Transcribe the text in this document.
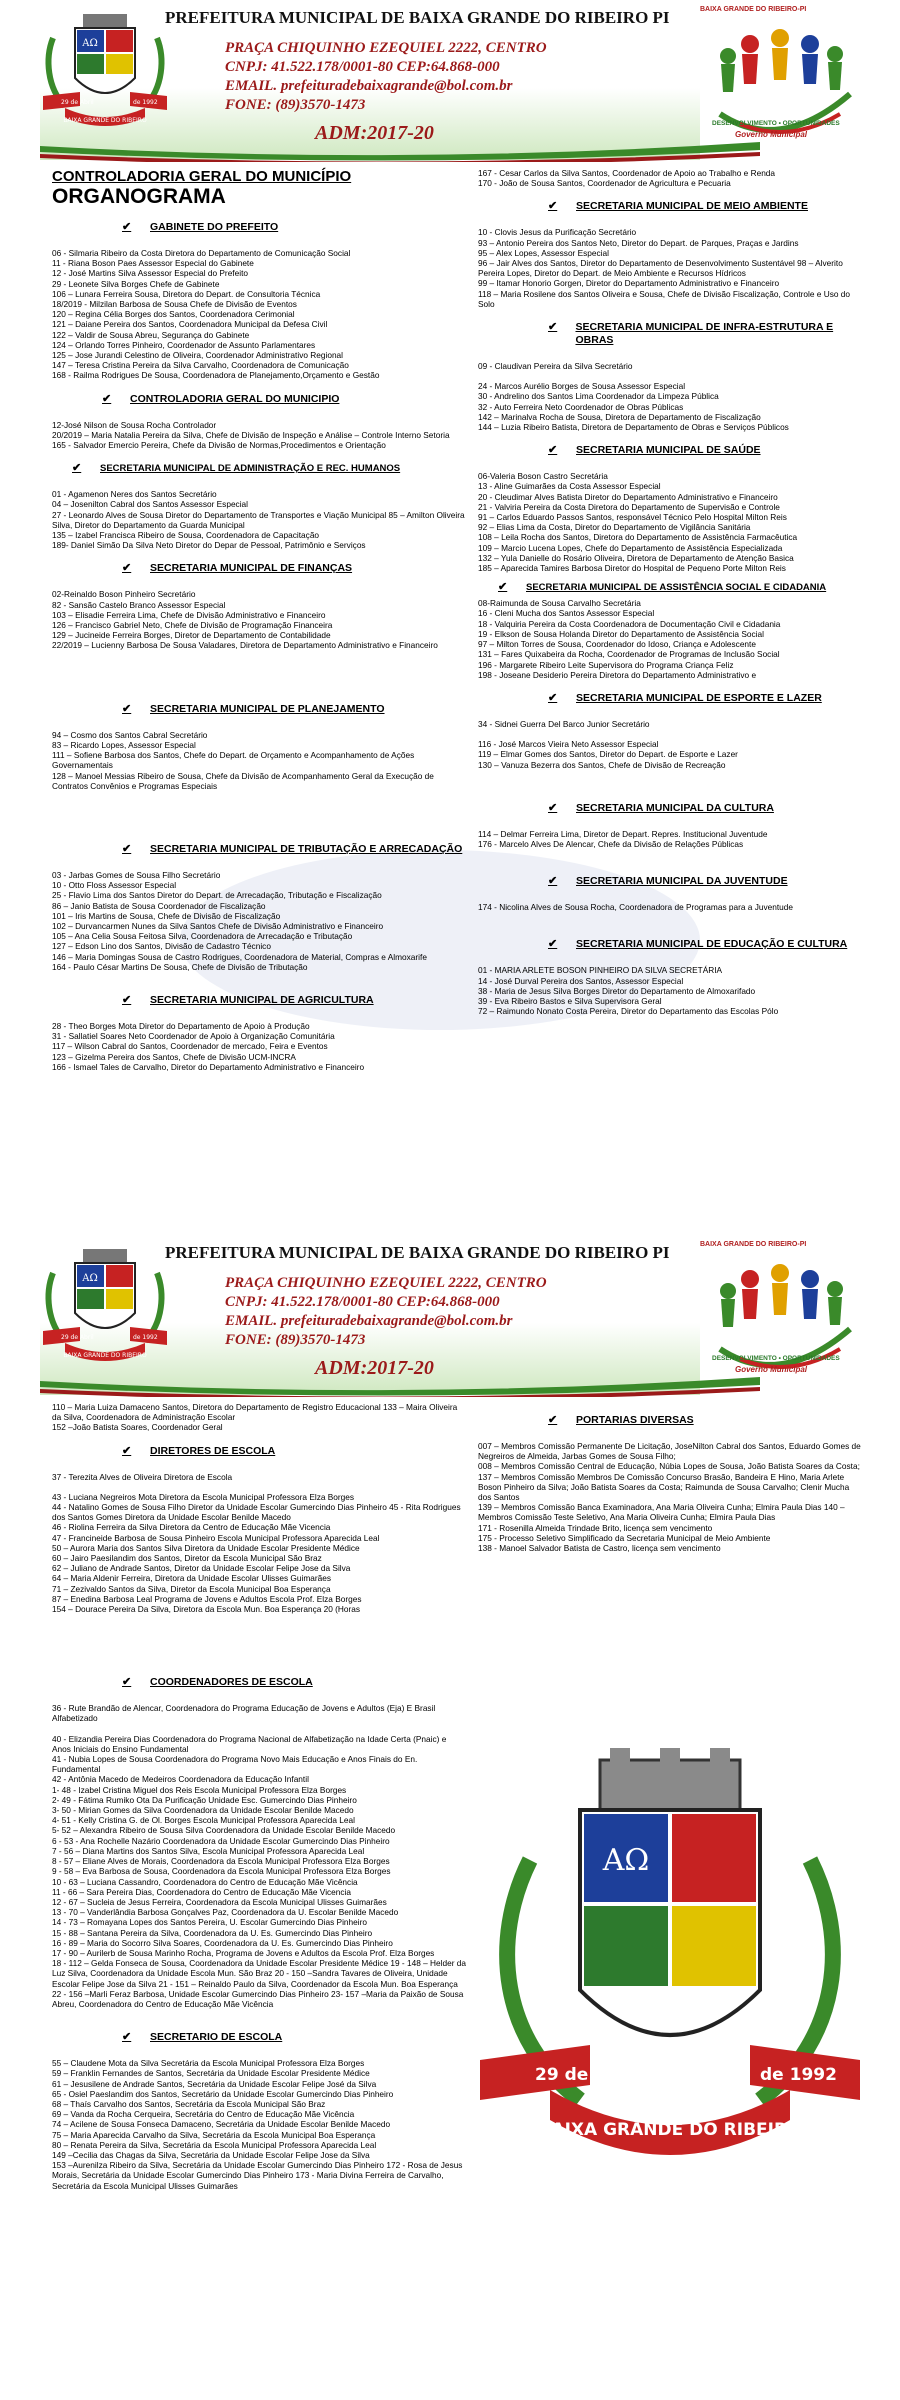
AΩ
29 de Abril	de 1992
BAIXA GRANDE DO RIBEIRO
PREFEITURA MUNICIPAL DE BAIXA GRANDE DO RIBEIRO PI
PRAÇA CHIQUINHO EZEQUIEL 2222, CENTRO
CNPJ: 41.522.178/0001-80 CEP:64.868-000
EMAIL. prefeituradebaixagrande@bol.com.br
FONE: (89)3570-1473
ADM:2017-20
BAIXA GRANDE DO RIBEIRO-PI
DESENVOLVIMENTO • OPORTUNIDADES
Governo Municipal
CONTROLADORIA GERAL DO MUNICÍPIO
ORGANOGRAMA
✔	GABINETE DO PREFEITO

06 - Silmaria Ribeiro da Costa Diretora do Departamento de Comunicação Social

11 - Riana Boson Paes Assessor Especial do Gabinete

12 - José Martins Silva Assessor Especial do Prefeito

29 - Leonete Silva Borges Chefe de Gabinete

106 – Lunara Ferreira Sousa, Diretora do Depart. de Consultoria Técnica

18/2019 - Milzilan Barbosa de Sousa Chefe de Divisão de Eventos

120 – Regina Célia Borges dos Santos, Coordenadora Cerimonial

121 – Daiane Pereira dos Santos, Coordenadora Municipal da Defesa Civil

122 – Valdir de Sousa Abreu, Segurança do Gabinete

124 – Orlando Torres Pinheiro, Coordenador de Assunto Parlamentares

125 – Jose Jurandi Celestino de Oliveira, Coordenador Administrativo Regional

147 – Teresa Cristina Pereira da Silva Carvalho, Coordenadora de Comunicação

168 - Railma Rodrigues De Sousa, Coordenadora de Planejamento,Orçamento e Gestão

✔	CONTROLADORIA GERAL DO MUNICIPIO

12-José Nilson de Sousa Rocha Controlador

20/2019 – Maria Natalia Pereira da Silva, Chefe de Divisão de Inspeção e Análise – Controle Interno Setoria

165 - Salvador Emercio Pereira, Chefe da Divisão de Normas,Procedimentos e Orientação

✔	SECRETARIA MUNICIPAL DE ADMINISTRAÇÃO E REC. HUMANOS

01 - Agamenon Neres dos Santos Secretário

04 – Josenilton Cabral dos Santos Assessor Especial

27 - Leonardo Alves de Sousa Diretor do Departamento de Transportes e Viação Municipal 85 – Amilton Oliveira Silva, Diretor do Departamento da Guarda Municipal

135 – Izabel Francisca Ribeiro de Sousa, Coordenadora de Capacitação

189- Daniel Simão Da Silva Neto Diretor do Depar de Pessoal, Patrimônio e Serviços

✔	SECRETARIA MUNICIPAL DE FINANÇAS

02-Reinaldo Boson Pinheiro Secretário

82 - Sansão Castelo Branco Assessor Especial

103 – Elisadie Ferreira Lima, Chefe de Divisão Administrativo e Financeiro

126 – Francisco Gabriel Neto, Chefe de Divisão de Programação Financeira

129 – Jucineide Ferreira Borges, Diretor de Departamento de Contabilidade

22/2019 – Lucienny Barbosa De Sousa Valadares, Diretora de Departamento Administrativo e Financeiro

✔	SECRETARIA MUNICIPAL DE PLANEJAMENTO

94 – Cosmo dos Santos Cabral Secretário

83 – Ricardo Lopes, Assessor Especial

111 – Sofiene Barbosa dos Santos, Chefe do Depart. de Orçamento e Acompanhamento de Ações Governamentais

128 – Manoel Messias Ribeiro de Sousa, Chefe da Divisão de Acompanhamento Geral da Execução de Contratos Convênios e Programas Especiais

✔	SECRETARIA MUNICIPAL DE TRIBUTAÇÃO E ARRECADAÇÃO

03 - Jarbas Gomes de Sousa Filho Secretário

10 - Otto Floss Assessor Especial

25 - Flavio Lima dos Santos Diretor do Depart. de Arrecadação, Tributação e Fiscalização

86 – Janio Batista de Sousa Coordenador de Fiscalização

101 – Iris Martins de Sousa, Chefe de Divisão de Fiscalização

102 – Durvancarmen Nunes da Silva Santos Chefe de Divisão Administrativo e Financeiro

105 – Ana Celia Sousa Feitosa Silva, Coordenadora de Arrecadação e Tributação

127 – Edson Lino dos Santos, Divisão de Cadastro Técnico

146 – Maria Domingas Sousa de Castro Rodrigues, Coordenadora de Material, Compras e Almoxarife

164 - Paulo César Martins De Sousa, Chefe de Divisão de Tributação

✔	SECRETARIA MUNICIPAL DE AGRICULTURA

28 - Theo Borges Mota Diretor do Departamento de Apoio à Produção

31 - Sallatiel Soares Neto Coordenador de Apoio à Organização Comunitária

117 – Wilson Cabral do Santos, Coordenador de mercado, Feira e Eventos

123 – Gizelma Pereira dos Santos, Chefe de Divisão UCM-INCRA

166 - Ismael Tales de Carvalho, Diretor do Departamento Administrativo e Financeiro

167 - Cesar Carlos da Silva Santos, Coordenador de Apoio ao Trabalho e Renda

170 - João de Sousa Santos, Coordenador de Agricultura e Pecuaria

✔	SECRETARIA MUNICIPAL DE MEIO AMBIENTE

10 - Clovis Jesus da Purificação Secretário

93 – Antonio Pereira dos Santos Neto, Diretor do Depart. de Parques, Praças e Jardins

95 – Alex Lopes, Assessor Especial

96 – Jair Alves dos Santos, Diretor do Departamento de Desenvolvimento Sustentável 98 – Alverito Pereira Lopes, Diretor do Depart. de Meio Ambiente e Recursos Hídricos

99 – Itamar Honorio Gorgen, Diretor do Departamento Administrativo e Financeiro

118 – Maria Rosilene dos Santos Oliveira e Sousa, Chefe de Divisão Fiscalização, Controle e Uso do Solo

✔	SECRETARIA MUNICIPAL DE INFRA-ESTRUTURA E OBRAS

09 - Claudivan Pereira da Silva Secretário

24 - Marcos Aurélio Borges de Sousa Assessor Especial

30 - Andrelino dos Santos Lima Coordenador da Limpeza Pública

32 - Auto Ferreira Neto Coordenador de Obras Públicas

142 – Marinalva Rocha de Sousa, Diretora de Departamento de Fiscalização

144 – Luzia Ribeiro Batista, Diretora de Departamento de Obras e Serviços Públicos

✔	SECRETARIA MUNICIPAL DE SAÚDE

06-Valeria Boson Castro Secretária

13 - Aline Guimarães da Costa Assessor Especial

20 - Cleudimar Alves Batista Diretor do Departamento Administrativo e Financeiro

21 - Valviria Pereira da Costa Diretora do Departamento de Supervisão e Controle

91 – Carlos Eduardo Passos Santos, responsável Técnico Pelo Hospital Milton Reis

92 – Elias Lima da Costa, Diretor do Departamento de Vigilância Sanitária

108 – Leila Rocha dos Santos, Diretora do Departamento de Assistência Farmacêutica

109 – Marcio Lucena Lopes, Chefe do Departamento de Assistência Especializada

132 – Yula Danielle do Rosário Oliveira, Diretora de Departamento de Atenção Basica

185 – Aparecida Tamires Barbosa Diretor do Hospital de Pequeno Porte Milton Reis

✔	SECRETARIA MUNICIPAL DE ASSISTÊNCIA SOCIAL E CIDADANIA

08-Raimunda de Sousa Carvalho Secretária

16 - Cleni Mucha dos Santos Assessor Especial

18 - Valquiria Pereira da Costa Coordenadora de Documentação Civil e Cidadania

19 - Elkson de Sousa Holanda Diretor do Departamento de Assistência Social

97 – Milton Torres de Sousa, Coordenador do Idoso, Criança e Adolescente

131 – Fares Quixabeira da Rocha, Coordenador de Programas de Inclusão Social

196 - Margarete Ribeiro Leite Supervisora do Programa Criança Feliz

198 - Joseane Desiderio Pereira Diretora do Departamento Administrativo e

✔	SECRETARIA MUNICIPAL DE ESPORTE E LAZER

34 - Sidnei Guerra Del Barco Junior Secretário

116 - José Marcos Vieira Neto Assessor Especial

119 – Elmar Gomes dos Santos, Diretor do Depart. de Esporte e Lazer

130 – Vanuza Bezerra dos Santos, Chefe de Divisão de Recreação

✔	SECRETARIA MUNICIPAL DA CULTURA

114 – Delmar Ferreira Lima, Diretor de Depart. Repres. Institucional Juventude

176 - Marcelo Alves De Alencar, Chefe da Divisão de Relações Públicas

✔	SECRETARIA MUNICIPAL DA JUVENTUDE

174 - Nicolina Alves de Sousa Rocha, Coordenadora de Programas para a Juventude

✔	SECRETARIA MUNICIPAL DE EDUCAÇÃO E CULTURA

01 - MARIA ARLETE BOSON PINHEIRO DA SILVA SECRETÁRIA

14 - José Durval Pereira dos Santos, Assessor Especial

38 - Maria de Jesus Silva Borges Diretor do Departamento de Almoxarifado

39 - Eva Ribeiro Bastos e Silva Supervisora Geral

72 – Raimundo Nonato Costa Pereira, Diretor do Departamento das Escolas Pólo

AΩ
29 de Abril	de 1992
BAIXA GRANDE DO RIBEIRO
PREFEITURA MUNICIPAL DE BAIXA GRANDE DO RIBEIRO PI
PRAÇA CHIQUINHO EZEQUIEL 2222, CENTRO
CNPJ: 41.522.178/0001-80 CEP:64.868-000
EMAIL. prefeituradebaixagrande@bol.com.br
FONE: (89)3570-1473
ADM:2017-20
BAIXA GRANDE DO RIBEIRO-PI
DESENVOLVIMENTO • OPORTUNIDADES
Governo Municipal

110 – Maria Luiza Damaceno Santos, Diretora do Departamento de Registro Educacional 133 – Maira Oliveira da Silva, Coordenadora de Administração Escolar

152 –João Batista Soares, Coordenador Geral

✔	DIRETORES DE ESCOLA

37 - Terezita Alves de Oliveira Diretora de Escola

43 - Luciana Negreiros Mota Diretora da Escola Municipal Professora Elza Borges

44 - Natalino Gomes de Sousa Filho Diretor da Unidade Escolar Gumercindo Dias Pinheiro 45 - Rita Rodrigues dos Santos Gomes Diretora da Unidade Escolar Benilde Macedo

46 - Riolina Ferreira da Silva Diretora da Centro de Educação Mãe Vicencia

47 - Francineide Barbosa de Sousa Pinheiro Escola Municipal Professora Aparecida Leal

50 – Aurora Maria dos Santos Silva Diretora da Unidade Escolar Presidente Médice

60 – Jairo Paesilandim dos Santos, Diretor da Escola Municipal São Braz

62 – Juliano de Andrade Santos, Diretor da Unidade Escolar Felipe Jose da Silva

64 – Maria Aldenir Ferreira, Diretora da Unidade Escolar Ulisses Guimarães

71 – Zezivaldo Santos da Silva, Diretor da Escola Municipal Boa Esperança

87 – Enedina Barbosa Leal Programa de Jovens e Adultos Escola Prof. Elza Borges

154 – Dourace Pereira Da Silva, Diretora da Escola Mun. Boa Esperança 20 (Horas

✔	COORDENADORES DE ESCOLA

36 - Rute Brandão de Alencar, Coordenadora do Programa Educação de Jovens e Adultos (Eja) E Brasil Alfabetizado

40 - Elizandia Pereira Dias Coordenadora do Programa Nacional de Alfabetização na Idade Certa (Pnaic) e Anos Iniciais do Ensino Fundamental

41 - Nubia Lopes de Sousa Coordenadora do Programa Novo Mais Educação e Anos Finais do En. Fundamental

42 - Antônia Macedo de Medeiros Coordenadora da Educação Infantil

1- 48 - Izabel Cristina Miguel dos Reis Escola Municipal Professora Elza Borges

2- 49 - Fátima Rumiko Ota Da Purificação Unidade Esc. Gumercindo Dias Pinheiro

3- 50 - Mirian Gomes da Silva Coordenadora da Unidade Escolar Benilde Macedo

4- 51 - Kelly Cristina G. de Ol. Borges Escola Municipal Professora Aparecida Leal

5- 52 – Alexandra Ribeiro de Sousa Silva Coordenadora da Unidade Escolar Benilde Macedo

6 - 53 - Ana Rochelle Nazário Coordenadora da Unidade Escolar Gumercindo Dias Pinheiro

7 - 56 – Diana Martins dos Santos Silva, Escola Municipal Professora Aparecida Leal

8 - 57 – Eliane Alves de Morais, Coordenadora da Escola Municipal Professora Elza Borges

9 - 58 – Eva Barbosa de Sousa, Coordenadora da Escola Municipal Professora Elza Borges

10 - 63 – Luciana Cassandro, Coordenadora do Centro de Educação Mãe Vicência

11 - 66 – Sara Pereira Dias, Coordenadora do Centro de Educação Mãe Vicencia

12 - 67 – Sucleia de Jesus Ferreira, Coordenadora da Escola Municipal Ulisses Guimarães

13 - 70 – Vanderlândia Barbosa Gonçalves Paz, Coordenadora da U. Escolar Benilde Macedo

14 - 73 – Romayana Lopes dos Santos Pereira, U. Escolar Gumercindo Dias Pinheiro

15 - 88 – Santana Pereira da Silva, Coordenadora da U. Es. Gumercindo Dias Pinheiro

16 - 89 – Maria do Socorro Silva Soares, Coordenadora da U. Es. Gumercindo Dias Pinheiro

17 - 90 – Aurilerb de Sousa Marinho Rocha, Programa de Jovens e Adultos da Escola Prof. Elza Borges

18 - 112 – Gelda Fonseca de Sousa, Coordenadora da Unidade Escolar Presidente Médice 19 - 148 – Helder da Luz Silva, Coordenadora da Unidade Escola Mun. São Braz 20 - 150 –Sandra Tavares de Oliveira, Unidade Escolar Felipe Jose da Silva 21 - 151 – Reinaldo Paulo da Silva, Coordenador da Escola Mun. Boa Esperança 22 - 156 –Marli Feraz Barbosa, Unidade Escolar Gumercindo Dias Pinheiro 23- 157 –Maria da Paixão de Sousa Abreu, Coordenadora do Centro de Educação Mãe Vicência

✔	SECRETARIO DE ESCOLA

55 – Claudene Mota da Silva Secretária da Escola Municipal Professora Elza Borges

59 – Franklin Fernandes de Santos, Secretária da Unidade Escolar Presidente Médice

61 – Jesusilene de Andrade Santos, Secretária da Unidade Escolar Felipe José da Silva

65 - Osiel Paeslandim dos Santos, Secretário da Unidade Escolar Gumercindo Dias Pinheiro

68 – Thaís Carvalho dos Santos, Secretária da Escola Municipal São Braz

69 – Vanda da Rocha Cerqueira, Secretária do Centro de Educação Mãe Vicência

74 – Acilene de Sousa Fonseca Damaceno, Secretária da Unidade Escolar Benilde Macedo

75 – Maria Aparecida Carvalho da Silva, Secretária da Escola Municipal Boa Esperança

80 – Renata Pereira da Silva, Secretária da Escola Municipal Professora Aparecida Leal

149 –Cecilia das Chagas da Silva, Secretária da Unidade Escolar Felipe Jose da Silva

153 –Aurenilza Ribeiro da Silva, Secretária da Unidade Escolar Gumercindo Dias Pinheiro 172 - Rosa de Jesus Morais, Secretária da Unidade Escolar Gumercindo Dias Pinheiro 173 - Maria Divina Ferreira de Carvalho, Secretária da Escola Municipal Ulisses Guimarães

✔	PORTARIAS DIVERSAS

007 – Membros Comissão Permanente De Licitação, JoseNilton Cabral dos Santos, Eduardo Gomes de Negreiros de Almeida, Jarbas Gomes de Sousa Filho;

008 – Membros Comissão Central de Educação, Núbia Lopes de Sousa, João Batista Soares da Costa;

137 – Membros Comissão Membros De Comissão Concurso Brasão, Bandeira E Hino, Maria Arlete Boson Pinheiro da Silva; João Batista Soares da Costa; Raimunda de Sousa Carvalho; Clenir Mucha dos Santos

139 – Membros Comissão Banca Examinadora, Ana Maria Oliveira Cunha; Elmira Paula Dias 140 – Membros Comissão Teste Seletivo, Ana Maria Oliveira Cunha; Elmira Paula Dias

171 - Rosenilla Almeida Trindade Brito, licença sem vencimento

175 - Processo Seletivo Simplificado da Secretaria Municipal de Meio Ambiente

138 - Manoel Salvador Batista de Castro, licença sem vencimento

AΩ
29 de Abril	de 1992
BAIXA GRANDE DO RIBEIRO
